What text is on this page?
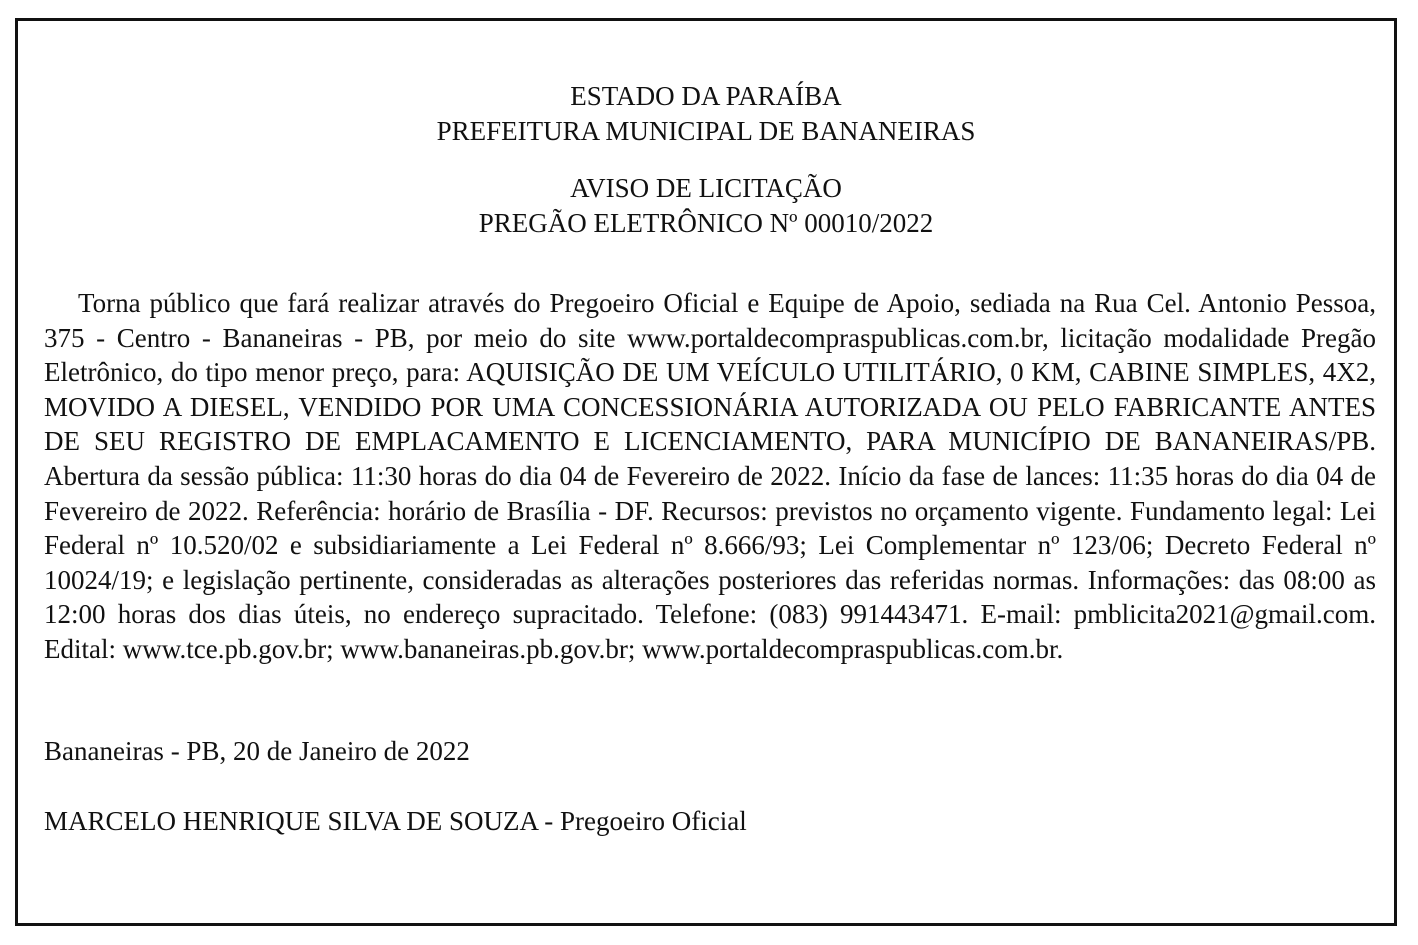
ESTADO DA PARAÍBA
PREFEITURA MUNICIPAL DE BANANEIRAS
AVISO DE LICITAÇÃO
PREGÃO ELETRÔNICO Nº 00010/2022

Torna público que fará realizar através do Pregoeiro Oficial e Equipe de Apoio, sediada na Rua Cel. Antonio Pessoa, 375 - Centro - Bananeiras - PB, por meio do site www.portaldecompraspublicas.com.br, licitação modalidade Pregão Eletrônico, do tipo menor preço, para: AQUISIÇÃO DE UM VEÍCULO UTILITÁRIO, 0 KM, CABINE SIMPLES, 4X2, MOVIDO A DIESEL, VENDIDO POR UMA CONCESSIONÁRIA AUTORIZADA OU PELO FABRICANTE ANTES DE SEU REGISTRO DE EMPLACAMENTO E LICENCIAMENTO, PARA MUNICÍPIO DE BANANEIRAS/PB. Abertura da sessão pública: 11:30 horas do dia 04 de Fevereiro de 2022. Início da fase de lances: 11:35 horas do dia 04 de Fevereiro de 2022. Referência: horário de Brasília - DF. Recursos: previstos no orçamento vigente. Fundamento legal: Lei Federal nº 10.520/02 e subsidiariamente a Lei Federal nº 8.666/93; Lei Complementar nº 123/06; Decreto Federal nº 10024/19; e legislação pertinente, consideradas as alterações posteriores das referidas normas. Informações: das 08:00 as 12:00 horas dos dias úteis, no endereço supracitado. Telefone: (083) 991443471. E-mail: pmblicita2021@gmail.com. Edital: www.tce.pb.gov.br; www.bananeiras.pb.gov.br; www.portaldecompraspublicas.com.br.

Bananeiras - PB, 20 de Janeiro de 2022

MARCELO HENRIQUE SILVA DE SOUZA - Pregoeiro Oficial
